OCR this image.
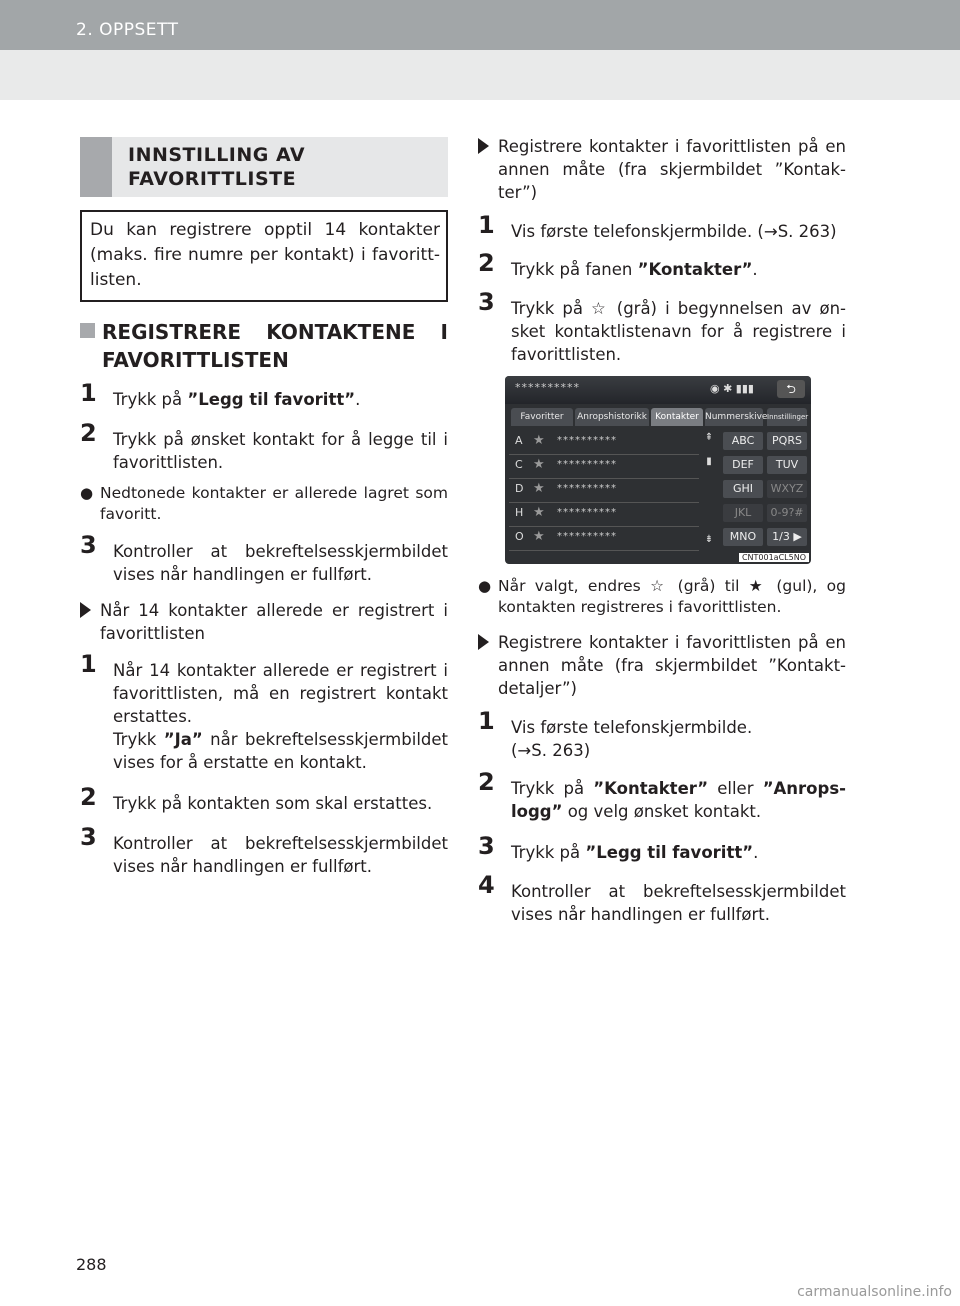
2. OPPSETT
INNSTILLING AV FAVORITTLISTE
Du kan registrere opptil 14 kontakter (maks. fire numre per kontakt) i favoritt-listen.
REGISTRERE KONTAKTENE I FAVORITTLISTEN
1 Trykk på ”Legg til favoritt”.
2 Trykk på ønsket kontakt for å legge til i favorittlisten.
● Nedtonede kontakter er allerede lagret som favoritt.
3 Kontroller at bekreftelsesskjermbildet vises når handlingen er fullført.
Når 14 kontakter allerede er registrert i favorittlisten
1 Når 14 kontakter allerede er registrert i favorittlisten, må en registrert kontakt erstattes.
Trykk ”Ja” når bekreftelsesskjermbildet vises for å erstatte en kontakt.
2 Trykk på kontakten som skal erstattes.
3 Kontroller at bekreftelsesskjermbildet vises når handlingen er fullført.
Registrere kontakter i favorittlisten på en annen måte (fra skjermbildet ”Kontak-ter”)
1 Vis første telefonskjermbilde. (→S. 263)
2 Trykk på fanen ”Kontakter”.
3 Trykk på ☆ (grå) i begynnelsen av øn-sket kontaktlistenavn for å registrere i favorittlisten.
**********	◉ ✱ ▮▮▮	⮌
Favoritter	Anropshistorikk Kontakter Nummerskive Innstillinger
A ★ **********
C ★ **********
D ★ **********
H ★ **********
O ★ **********
⇞
▮
⇟
ABC	PQRS
DEF	TUV
GHI	WXYZ
JKL	0-9?#
MNO	1/3 ▶
CNT001aCL5NO
● Når valgt, endres ☆ (grå) til ★ (gul), og kontakten registreres i favorittlisten.
Registrere kontakter i favorittlisten på en annen måte (fra skjermbildet ”Kontakt-detaljer”)
1 Vis første telefonskjermbilde.
(→S. 263)
2 Trykk på ”Kontakter” eller ”Anrops-logg” og velg ønsket kontakt.
3 Trykk på ”Legg til favoritt”.
4 Kontroller at bekreftelsesskjermbildet vises når handlingen er fullført.
288
carmanualsonline.info
